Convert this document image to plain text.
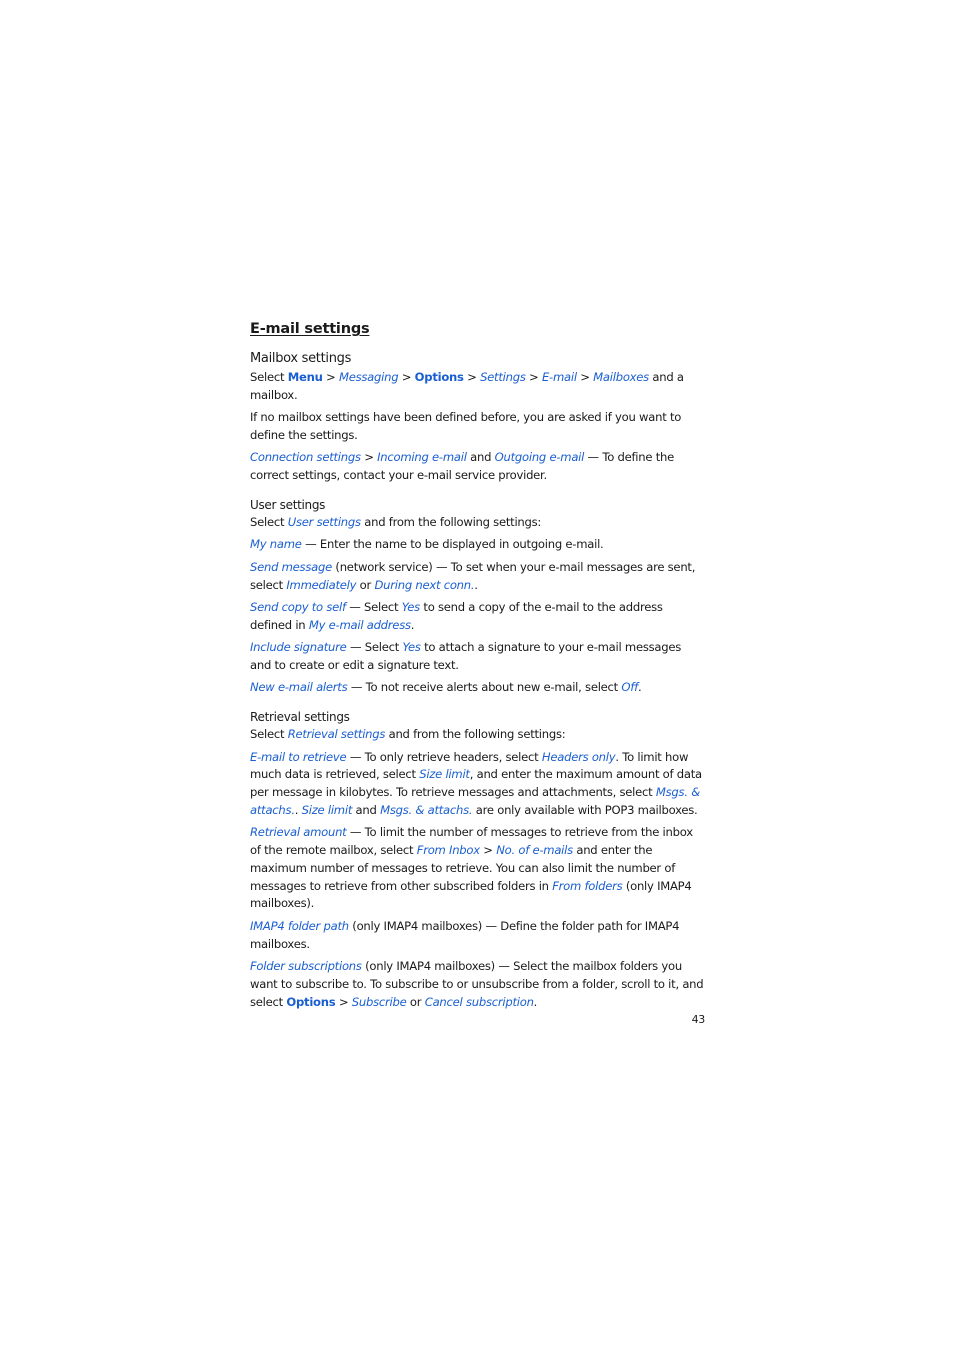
E-mail settings
Mailbox settings
Select Menu > Messaging > Options > Settings > E-mail > Mailboxes and a mailbox.
If no mailbox settings have been defined before, you are asked if you want to define the settings.
Connection settings > Incoming e-mail and Outgoing e-mail — To define the correct settings, contact your e-mail service provider.
User settings
Select User settings and from the following settings:
My name — Enter the name to be displayed in outgoing e-mail.
Send message (network service) — To set when your e-mail messages are sent, select Immediately or During next conn..
Send copy to self — Select Yes to send a copy of the e-mail to the address defined in My e-mail address.
Include signature — Select Yes to attach a signature to your e-mail messages and to create or edit a signature text.
New e-mail alerts — To not receive alerts about new e-mail, select Off.
Retrieval settings
Select Retrieval settings and from the following settings:
E-mail to retrieve — To only retrieve headers, select Headers only. To limit how much data is retrieved, select Size limit, and enter the maximum amount of data per message in kilobytes. To retrieve messages and attachments, select Msgs. & attachs.. Size limit and Msgs. & attachs. are only available with POP3 mailboxes.
Retrieval amount — To limit the number of messages to retrieve from the inbox of the remote mailbox, select From Inbox > No. of e-mails and enter the maximum number of messages to retrieve. You can also limit the number of messages to retrieve from other subscribed folders in From folders (only IMAP4 mailboxes).
IMAP4 folder path (only IMAP4 mailboxes) — Define the folder path for IMAP4 mailboxes.
Folder subscriptions (only IMAP4 mailboxes) — Select the mailbox folders you want to subscribe to. To subscribe to or unsubscribe from a folder, scroll to it, and select Options > Subscribe or Cancel subscription.
43
